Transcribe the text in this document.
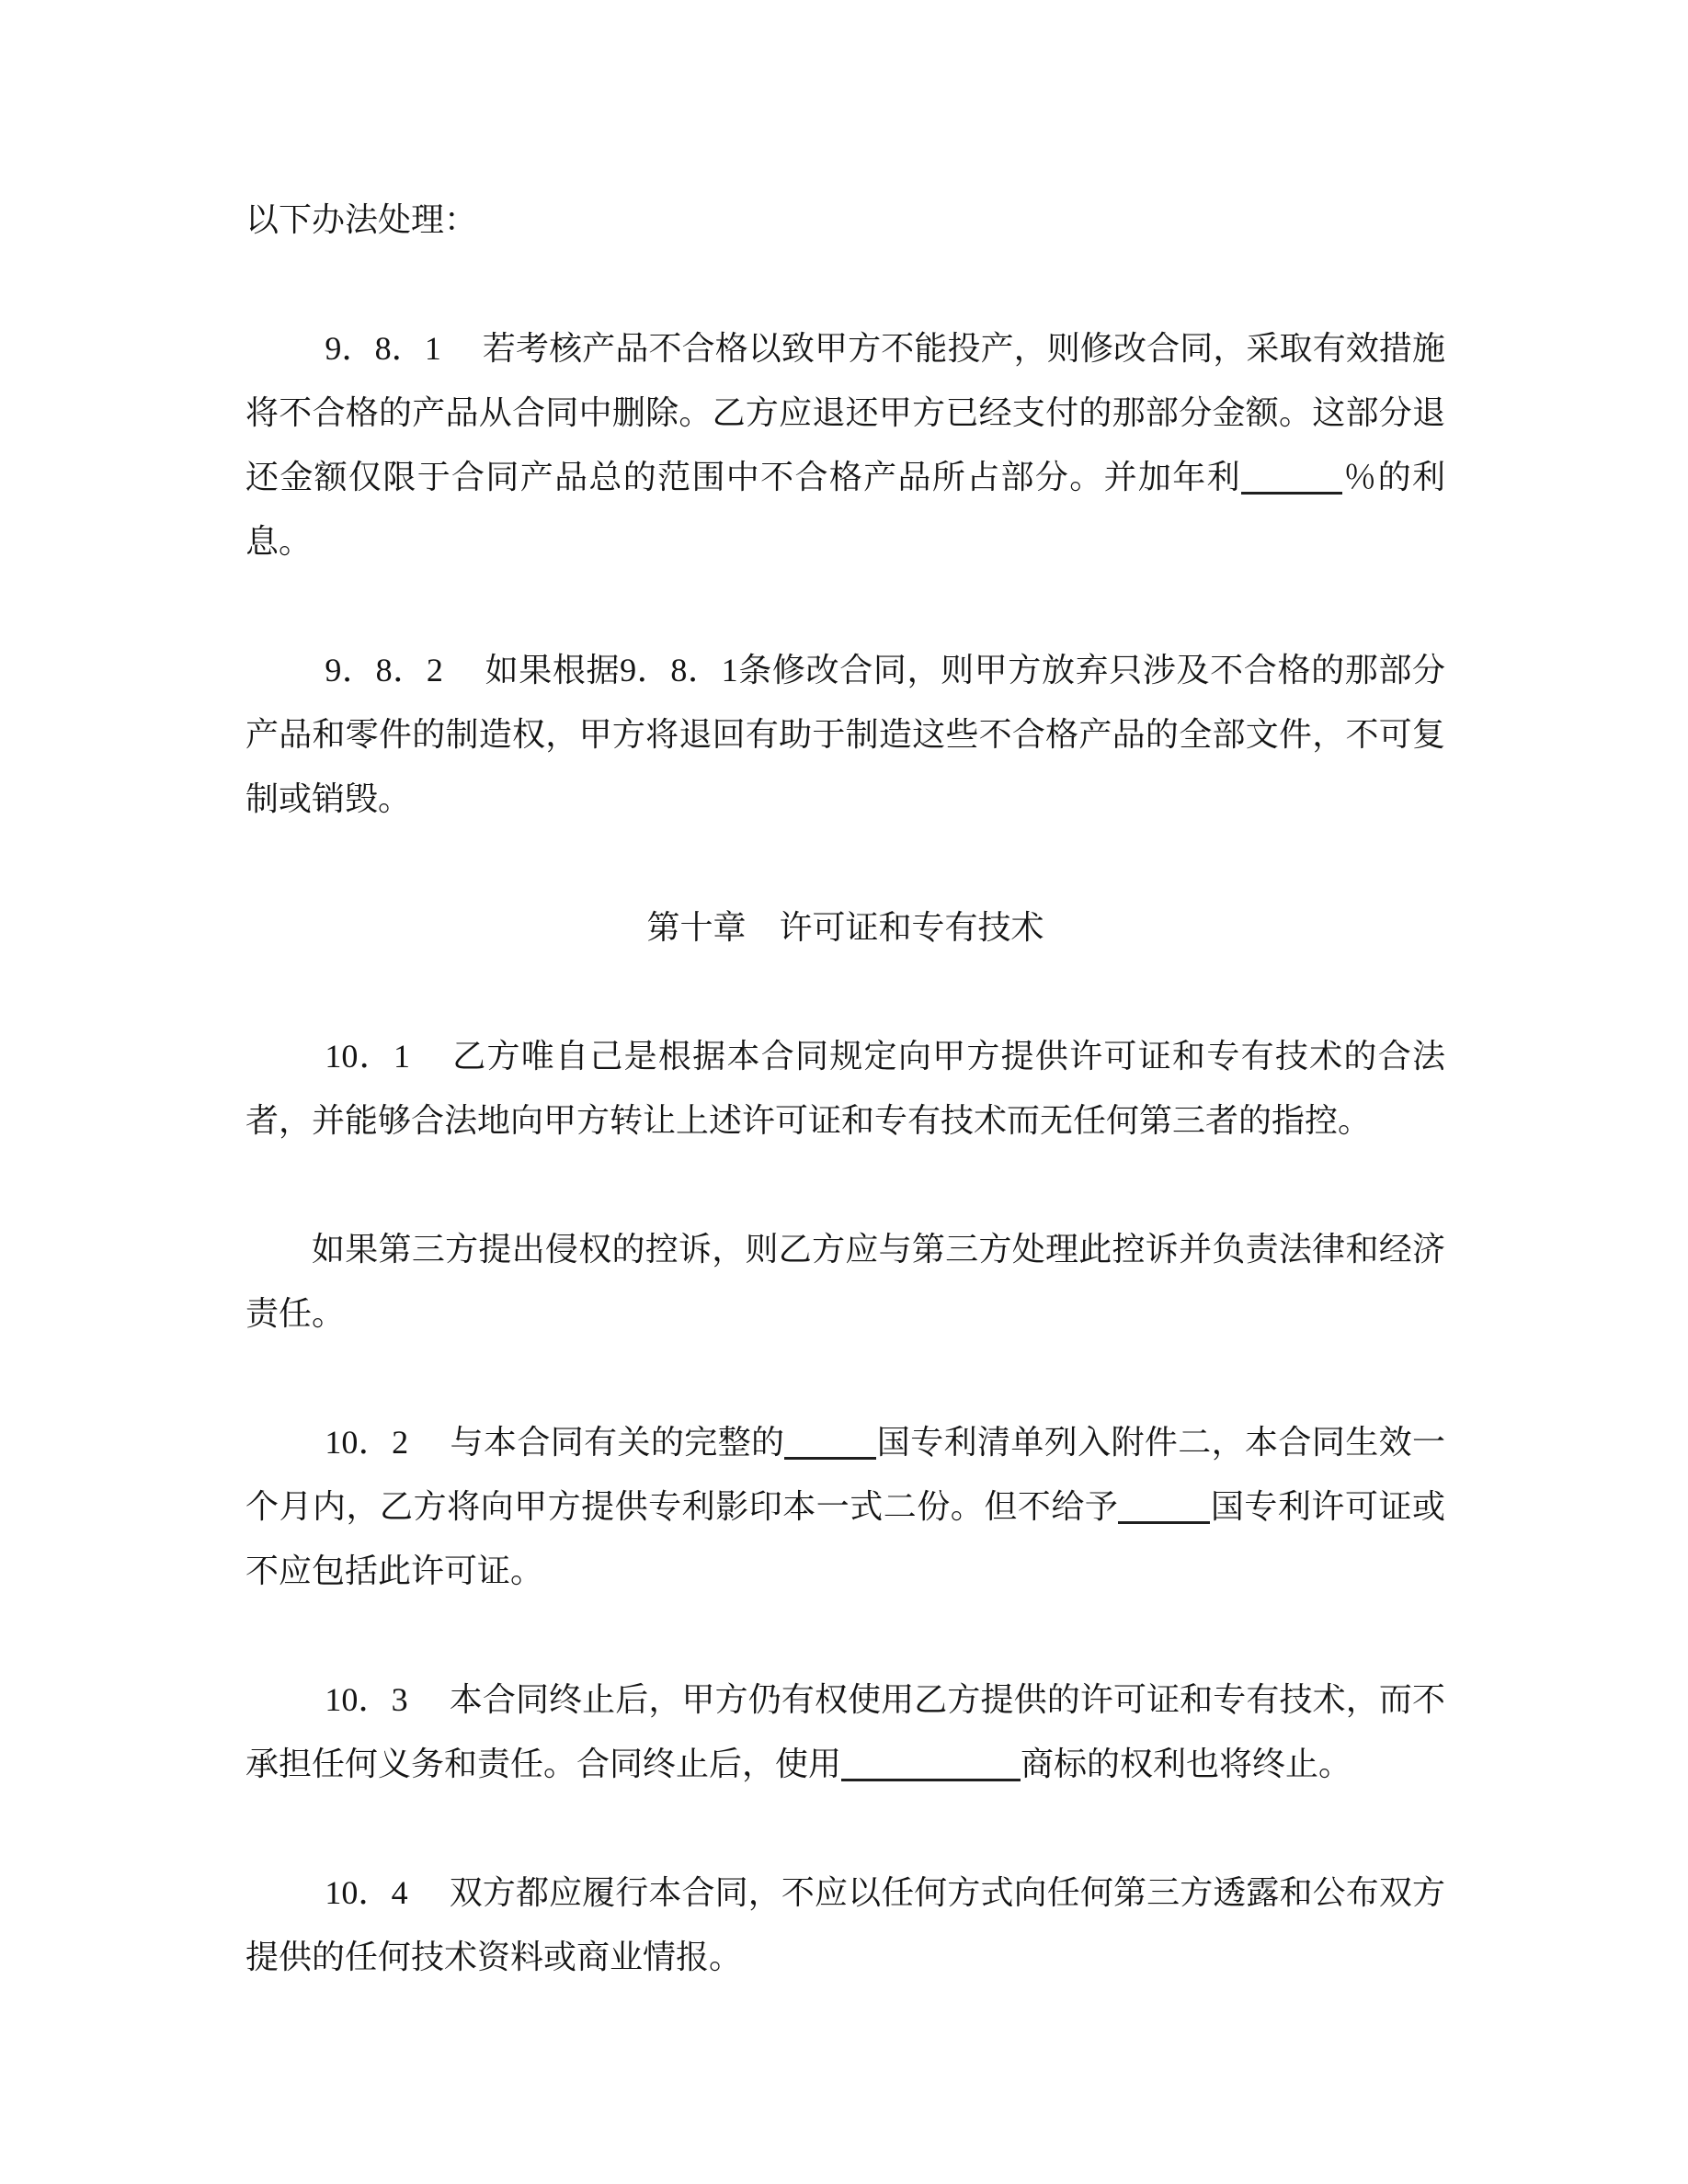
以下办法处理：

9．8．1 若考核产品不合格以致甲方不能投产，则修改合同，采取有效措施将不合格的产品从合同中删除。乙方应退还甲方已经支付的那部分金额。这部分退还金额仅限于合同产品总的范围中不合格产品所占部分。并加年利	％的利息。

9．8．2 如果根据9．8．1条修改合同，则甲方放弃只涉及不合格的那部分产品和零件的制造权，甲方将退回有助于制造这些不合格产品的全部文件，不可复制或销毁。

第十章　许可证和专有技术

10．1 乙方唯自己是根据本合同规定向甲方提供许可证和专有技术的合法者，并能够合法地向甲方转让上述许可证和专有技术而无任何第三者的指控。

如果第三方提出侵权的控诉，则乙方应与第三方处理此控诉并负责法律和经济责任。

10．2 与本合同有关的完整的	国专利清单列入附件二，本合同生效一个月内，乙方将向甲方提供专利影印本一式二份。但不给予	国专利许可证或不应包括此许可证。

10．3 本合同终止后，甲方仍有权使用乙方提供的许可证和专有技术，而不承担任何义务和责任。合同终止后，使用	商标的权利也将终止。

10．4 双方都应履行本合同，不应以任何方式向任何第三方透露和公布双方提供的任何技术资料或商业情报。
